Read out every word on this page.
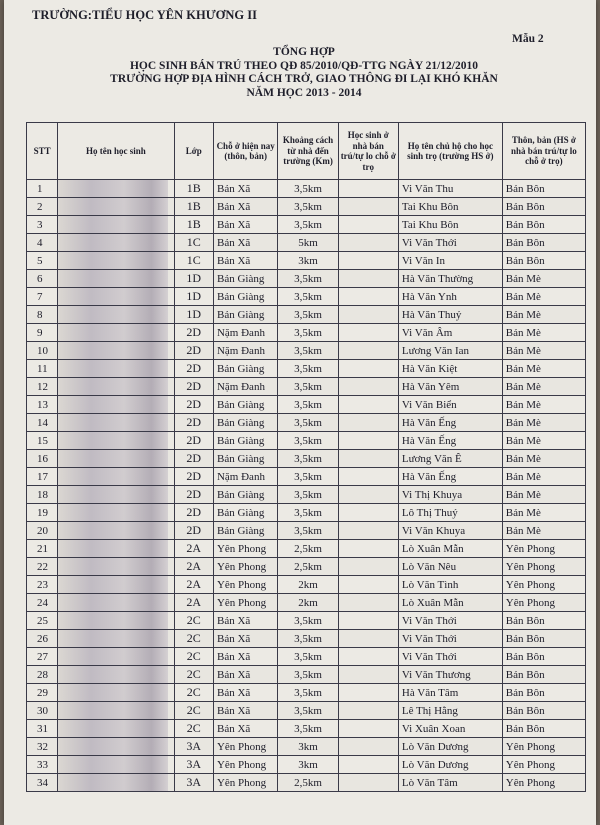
TRƯỜNG:TIỂU HỌC YÊN KHƯƠNG II
Mẫu 2
TỔNG HỢP
HỌC SINH BÁN TRÚ THEO QĐ 85/2010/QĐ-TTG NGÀY 21/12/2010
TRƯỜNG HỢP ĐỊA HÌNH CÁCH TRỞ, GIAO THÔNG ĐI LẠI KHÓ KHĂN
NĂM HỌC 2013 - 2014
STT	Họ tên học sinh	Lớp	Chỗ ở hiện nay (thôn, bản)	Khoảng cách từ nhà đến trường (Km)	Học sinh ở nhà bán trú/tự lo chỗ ở trọ	Họ tên chủ hộ cho học sinh trọ (trường HS ở)	Thôn, bản (HS ở nhà bán trú/tự lo chỗ ở trọ)
1		1B	Bản Xã	3,5km		Vi Văn Thu	Bản Bôn
2		1B	Bản Xã	3,5km		Tai Khu Bôn	Bản Bôn
3		1B	Bản Xã	3,5km		Tai Khu Bôn	Bản Bôn
4		1C	Bản Xã	5km		Vi Văn Thới	Bản Bôn
5		1C	Bản Xã	3km		Vi Văn In	Bản Bôn
6		1D	Bản Giàng	3,5km		Hà Văn Thường	Bản Mè
7		1D	Bản Giàng	3,5km		Hà Văn Ynh	Bản Mè
8		1D	Bản Giàng	3,5km		Hà Văn Thuỷ	Bản Mè
9		2D	Nặm Đanh	3,5km		Vi Văn Âm	Bản Mè
10		2D	Nặm Đanh	3,5km		Lương Văn Ian	Bản Mè
11		2D	Bản Giàng	3,5km		Hà Văn Kiệt	Bản Mè
12		2D	Nặm Đanh	3,5km		Hà Văn Yêm	Bản Mè
13		2D	Bản Giàng	3,5km		Vi Văn Biển	Bản Mè
14		2D	Bản Giàng	3,5km		Hà Văn Ếng	Bản Mè
15		2D	Bản Giàng	3,5km		Hà Văn Ếng	Bản Mè
16		2D	Bản Giàng	3,5km		Lương Văn Ê	Bản Mè
17		2D	Nặm Đanh	3,5km		Hà Văn Ếng	Bản Mè
18		2D	Bản Giàng	3,5km		Vi Thị Khuya	Bản Mè
19		2D	Bản Giàng	3,5km		Lô Thị Thuý	Bản Mè
20		2D	Bản Giàng	3,5km		Vi Văn Khuya	Bản Mè
21		2A	Yên Phong	2,5km		Lò Xuân Mẫn	Yên Phong
22		2A	Yên Phong	2,5km		Lò Văn Nêu	Yên Phong
23		2A	Yên Phong	2km		Lò Văn Tình	Yên Phong
24		2A	Yên Phong	2km		Lò Xuân Mẫn	Yên Phong
25		2C	Bản Xã	3,5km		Vi Văn Thới	Bản Bôn
26		2C	Bản Xã	3,5km		Vi Văn Thới	Bản Bôn
27		2C	Bản Xã	3,5km		Vi Văn Thới	Bản Bôn
28		2C	Bản Xã	3,5km		Vi Văn Thương	Bản Bôn
29		2C	Bản Xã	3,5km		Hà Văn Tâm	Bản Bôn
30		2C	Bản Xã	3,5km		Lê Thị Hằng	Bản Bôn
31		2C	Bản Xã	3,5km		Vi Xuân Xoan	Bản Bôn
32		3A	Yên Phong	3km		Lò Văn Dương	Yên Phong
33		3A	Yên Phong	3km		Lò Văn Dương	Yên Phong
34		3A	Yên Phong	2,5km		Lò Văn Tâm	Yên Phong
